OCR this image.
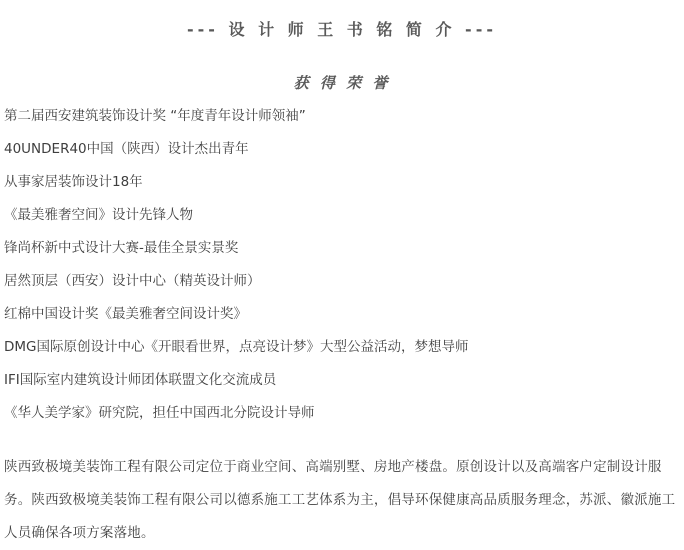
--- 设 计 师 王 书 铭 简 介 ---
获 得 荣 誉
第二届西安建筑装饰设计奖 “年度青年设计师领袖”
40UNDER40中国（陕西）设计杰出青年
从事家居装饰设计18年
《最美雅奢空间》设计先锋人物
锋尚杯新中式设计大赛-最佳全景实景奖
居然顶层（西安）设计中心（精英设计师）
红棉中国设计奖《最美雅奢空间设计奖》
DMG国际原创设计中心《开眼看世界，点亮设计梦》大型公益活动，梦想导师
IFI国际室内建筑设计师团体联盟文化交流成员
《华人美学家》研究院，担任中国西北分院设计导师

陕西致极境美装饰工程有限公司定位于商业空间、高端别墅、房地产楼盘。原创设计以及高端客户定制设计服务。陕西致极境美装饰工程有限公司以德系施工工艺体系为主，倡导环保健康高品质服务理念，苏派、徽派施工人员确保各项方案落地。
